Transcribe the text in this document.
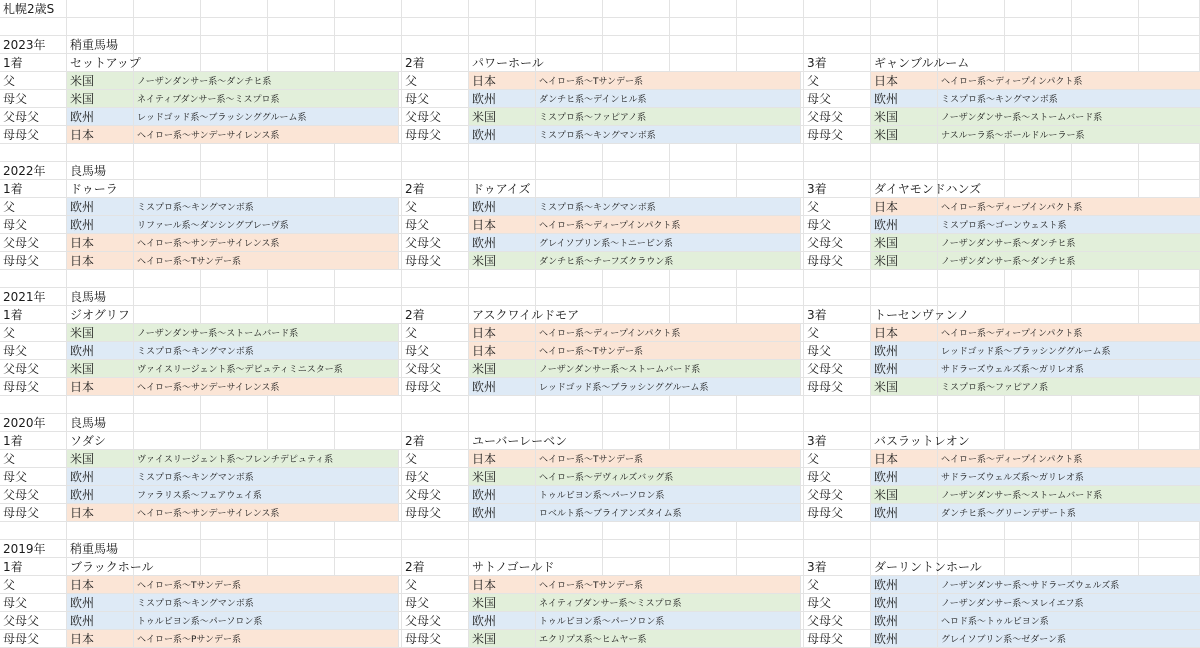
札幌2歳S
2023年 稍重馬場
1着	セットアップ	2着	パワーホール	3着	ギャンブルルーム
父	米国	ノーザンダンサー系～ダンチヒ系	父	日本	ヘイロー系～Tサンデー系	父	日本	ヘイロー系～ディープインパクト系
母父	米国	ネイティブダンサー系～ミスプロ系	母父	欧州	ダンチヒ系～デインヒル系	母父	欧州	ミスプロ系～キングマンボ系
父母父	欧州	レッドゴッド系～ブラッシンググルーム系	父母父	米国	ミスプロ系～ファピアノ系	父母父	米国	ノーザンダンサー系～ストームバード系
母母父	日本	ヘイロー系～サンデーサイレンス系	母母父	欧州	ミスプロ系～キングマンボ系	母母父	米国	ナスルーラ系～ボールドルーラー系
2022年 良馬場
1着	ドゥーラ	2着	ドゥアイズ	3着	ダイヤモンドハンズ
父	欧州	ミスプロ系～キングマンボ系	父	欧州	ミスプロ系～キングマンボ系	父	日本	ヘイロー系～ディープインパクト系
母父	欧州	リファール系～ダンシングブレーヴ系	母父	日本	ヘイロー系～ディープインパクト系	母父	欧州	ミスプロ系～ゴーンウェスト系
父母父	日本	ヘイロー系～サンデーサイレンス系	父母父	欧州	グレイソブリン系～トニービン系	父母父	米国	ノーザンダンサー系～ダンチヒ系
母母父	日本	ヘイロー系～Tサンデー系	母母父	米国	ダンチヒ系～チーフズクラウン系	母母父	米国	ノーザンダンサー系～ダンチヒ系
2021年 良馬場
1着	ジオグリフ	2着	アスクワイルドモア	3着	トーセンヴァンノ
父	米国	ノーザンダンサー系～ストームバード系	父	日本	ヘイロー系～ディープインパクト系	父	日本	ヘイロー系～ディープインパクト系
母父	欧州	ミスプロ系～キングマンボ系	母父	日本	ヘイロー系～Tサンデー系	母父	欧州	レッドゴッド系～ブラッシンググルーム系
父母父	米国	ヴァイスリージェント系～デピュティミニスター系	父母父	米国	ノーザンダンサー系～ストームバード系	父母父	欧州	サドラーズウェルズ系～ガリレオ系
母母父	日本	ヘイロー系～サンデーサイレンス系	母母父	欧州	レッドゴッド系～ブラッシンググルーム系	母母父	米国	ミスプロ系～ファピアノ系
2020年 良馬場
1着	ソダシ	2着	ユーバーレーベン	3着	バスラットレオン
父	米国	ヴァイスリージェント系～フレンチデピュティ系	父	日本	ヘイロー系～Tサンデー系	父	日本	ヘイロー系～ディープインパクト系
母父	欧州	ミスプロ系～キングマンボ系	母父	米国	ヘイロー系～デヴィルズバッグ系	母父	欧州	サドラーズウェルズ系～ガリレオ系
父母父	欧州	ファラリス系～フェアウェイ系	父母父	欧州	トゥルビヨン系～パーソロン系	父母父	米国	ノーザンダンサー系～ストームバード系
母母父	日本	ヘイロー系～サンデーサイレンス系	母母父	欧州	ロベルト系～ブライアンズタイム系	母母父	欧州	ダンチヒ系～グリーンデザート系
2019年 稍重馬場
1着	ブラックホール	2着	サトノゴールド	3着	ダーリントンホール
父	日本	ヘイロー系～Tサンデー系	父	日本	ヘイロー系～Tサンデー系	父	欧州	ノーザンダンサー系～サドラーズウェルズ系
母父	欧州	ミスプロ系～キングマンボ系	母父	米国	ネイティブダンサー系～ミスプロ系	母父	欧州	ノーザンダンサー系～ヌレイエフ系
父母父	欧州	トゥルビヨン系～パーソロン系	父母父	欧州	トゥルビヨン系～パーソロン系	父母父	欧州	ヘロド系～トゥルビヨン系
母母父	日本	ヘイロー系～Pサンデー系	母母父	米国	エクリプス系～ヒムヤー系	母母父	欧州	グレイソブリン系～ゼダーン系
